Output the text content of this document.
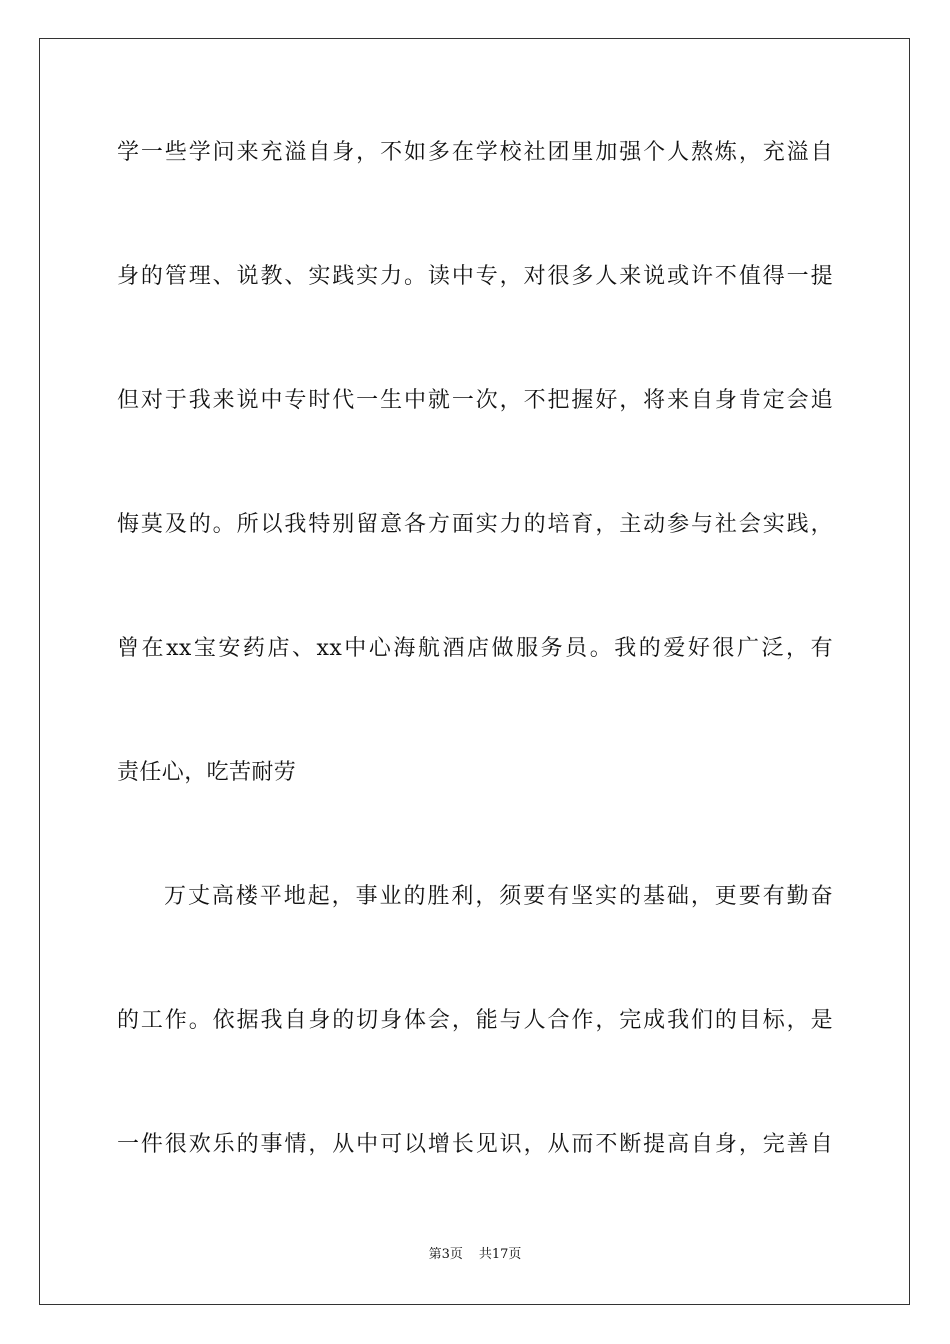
学一些学问来充溢自身，不如多在学校社团里加强个人熬炼，充溢自
身的管理、说教、实践实力。读中专，对很多人来说或许不值得一提
但对于我来说中专时代一生中就一次，不把握好，将来自身肯定会追
悔莫及的。所以我特别留意各方面实力的培育，主动参与社会实践，
曾在xx宝安药店、xx中心海航酒店做服务员。我的爱好很广泛，有
责任心，吃苦耐劳
万丈高楼平地起，事业的胜利，须要有坚实的基础，更要有勤奋
的工作。依据我自身的切身体会，能与人合作，完成我们的目标，是
一件很欢乐的事情，从中可以增长见识，从而不断提高自身，完善自
第3页 共17页
